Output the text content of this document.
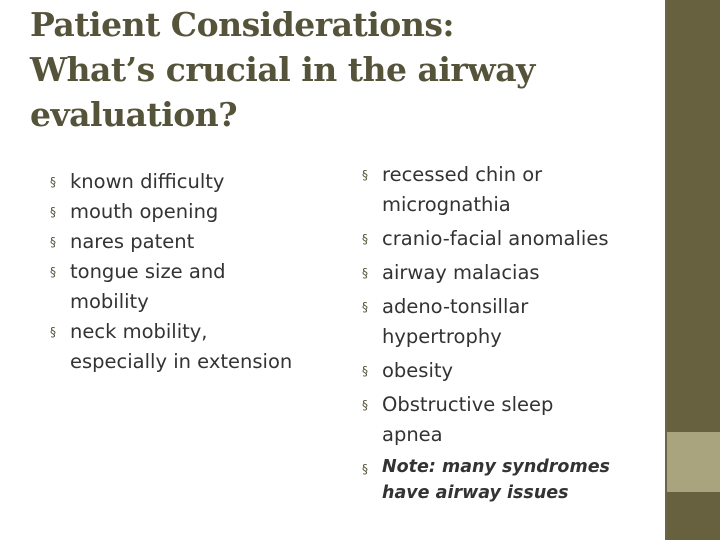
Patient Considerations:
What’s crucial in the airway
evaluation?
§ known difficulty
§ mouth opening
§ nares patent
§ tongue size and
mobility
§ neck mobility,
especially in extension
§ recessed chin or
micrognathia
§ cranio-facial anomalies
§ airway malacias
§ adeno-tonsillar
hypertrophy
§ obesity
§ Obstructive sleep
apnea
§ Note: many syndromes
have airway issues
